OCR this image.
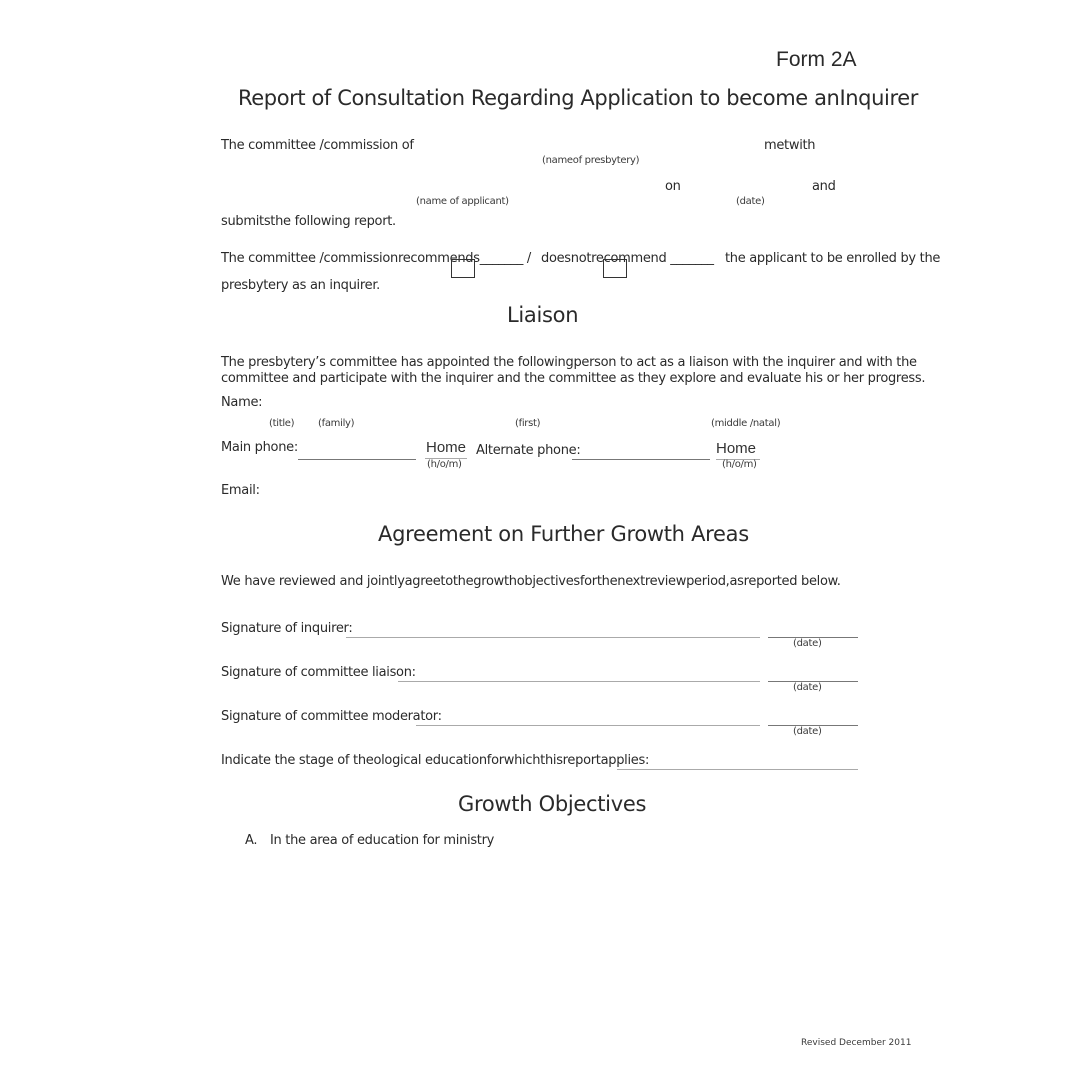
Form 2A
Report of Consultation Regarding Application to become anInquirer
The committee /commission of	metwith
(nameof presbytery)
on	and
(name of applicant)	(date)
submitsthe following report.
The committee /commissionrecommends_______ / doesnotrecommend _______ the applicant to be enrolled by the
presbytery as an inquirer.
Liaison
The presbytery’s committee has appointed the followingperson to act as a liaison with the inquirer and with the
committee and participate with the inquirer and the committee as they explore and evaluate his or her progress.
Name:
(title) (family)	(first)	(middle /natal)
Main phone:	Home
(h/o/m)
Alternate phone:	Home
(h/o/m)
Email:
Agreement on Further Growth Areas
We have reviewed and jointlyagreetothegrowthobjectivesforthenextreviewperiod,asreported below.
Signature of inquirer:
(date)
Signature of committee liaison:
(date)
Signature of committee moderator:
(date)
Indicate the stage of theological educationforwhichthisreportapplies:
Growth Objectives
A. In the area of education for ministry
Revised December 2011
